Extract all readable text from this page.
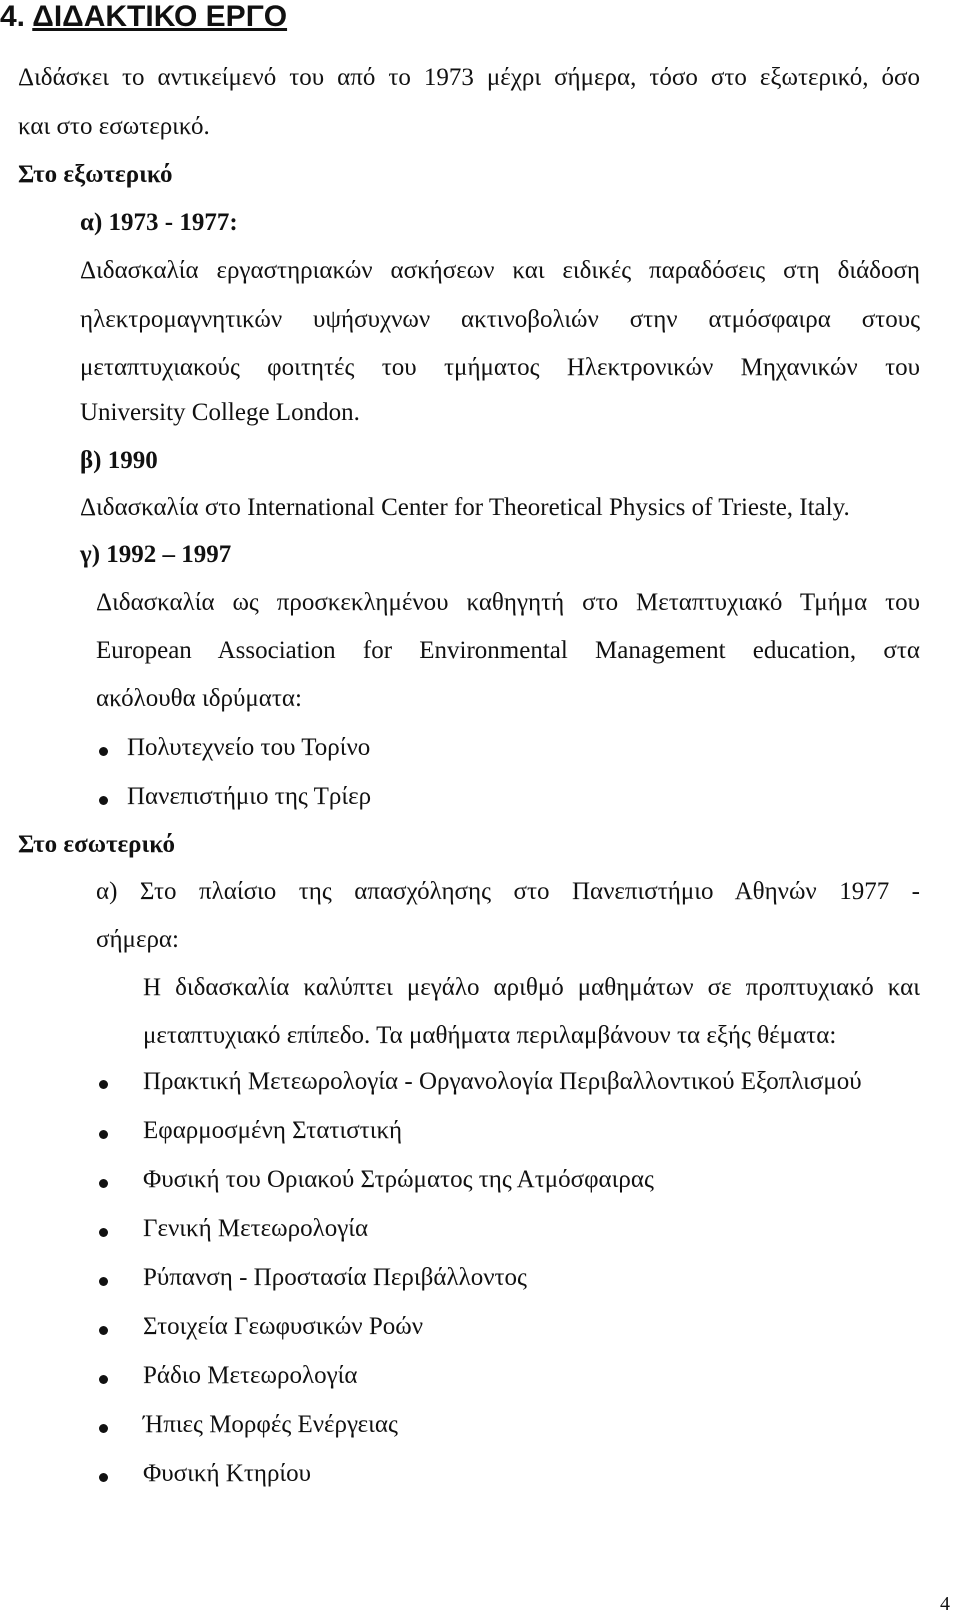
4. ΔΙΔΑΚΤΙΚΟ ΕΡΓΟ
Διδάσκει το αντικείμενό του από το 1973 μέχρι σήμερα, τόσο στο εξωτερικό, όσο
και στο εσωτερικό.
Στο εξωτερικό
α) 1973 - 1977:
Διδασκαλία εργαστηριακών ασκήσεων και ειδικές παραδόσεις στη διάδοση
ηλεκτρομαγνητικών υψήσυχνων ακτινοβολιών στην ατμόσφαιρα στους
μεταπτυχιακούς φοιτητές του τμήματος Ηλεκτρονικών Μηχανικών του
University College London.
β) 1990
Διδασκαλία στο International Center for Theoretical Physics of Trieste, Italy.
γ) 1992 – 1997
Διδασκαλία ως προσκεκλημένου καθηγητή στο Μεταπτυχιακό Τμήμα του
European Association for Environmental Management education, στα
ακόλουθα ιδρύματα:
Πολυτεχνείο του Τορίνο
Πανεπιστήμιο της Τρίερ
Στο εσωτερικό
α) Στο πλαίσιο της απασχόλησης στο Πανεπιστήμιο Αθηνών 1977 -
σήμερα:
Η διδασκαλία καλύπτει μεγάλο αριθμό μαθημάτων σε προπτυχιακό και
μεταπτυχιακό επίπεδο. Τα μαθήματα περιλαμβάνουν τα εξής θέματα:
Πρακτική Μετεωρολογία - Οργανολογία Περιβαλλοντικού Εξοπλισμού
Εφαρμοσμένη Στατιστική
Φυσική του Οριακού Στρώματος της Ατμόσφαιρας
Γενική Μετεωρολογία
Ρύπανση - Προστασία Περιβάλλοντος
Στοιχεία Γεωφυσικών Ροών
Ράδιο Μετεωρολογία
Ήπιες Μορφές Ενέργειας
Φυσική Κτηρίου
4
